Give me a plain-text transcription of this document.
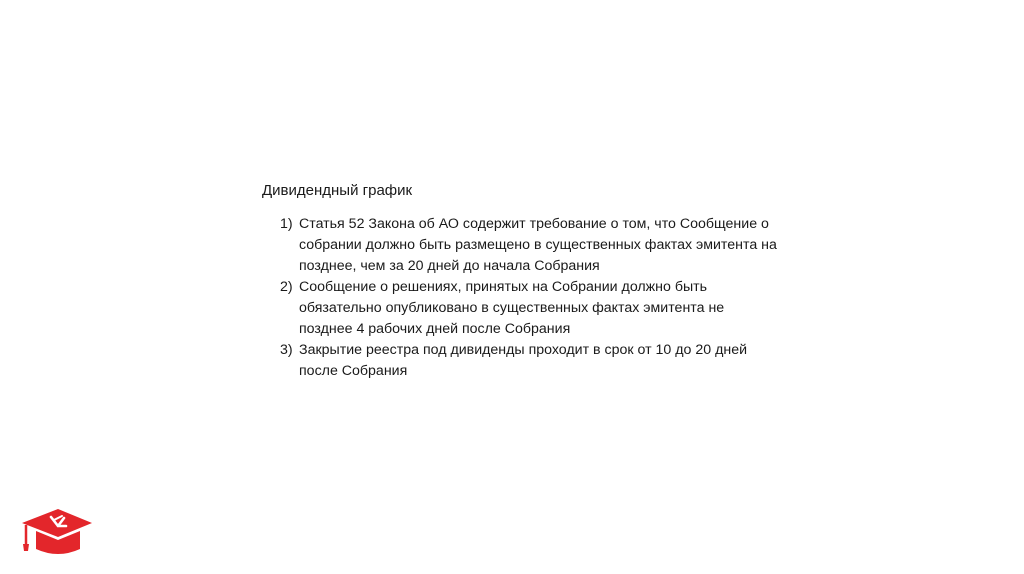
Дивидендный график
1) Статья 52 Закона об АО содержит требование о том, что Сообщение о
собрании должно быть размещено в существенных фактах эмитента на
позднее, чем за 20 дней до начала Собрания
2) Сообщение о решениях, принятых на Собрании должно быть
обязательно опубликовано в существенных фактах эмитента не
позднее 4 рабочих дней после Собрания
3) Закрытие реестра под дивиденды проходит в срок от 10 до 20 дней
после Собрания
